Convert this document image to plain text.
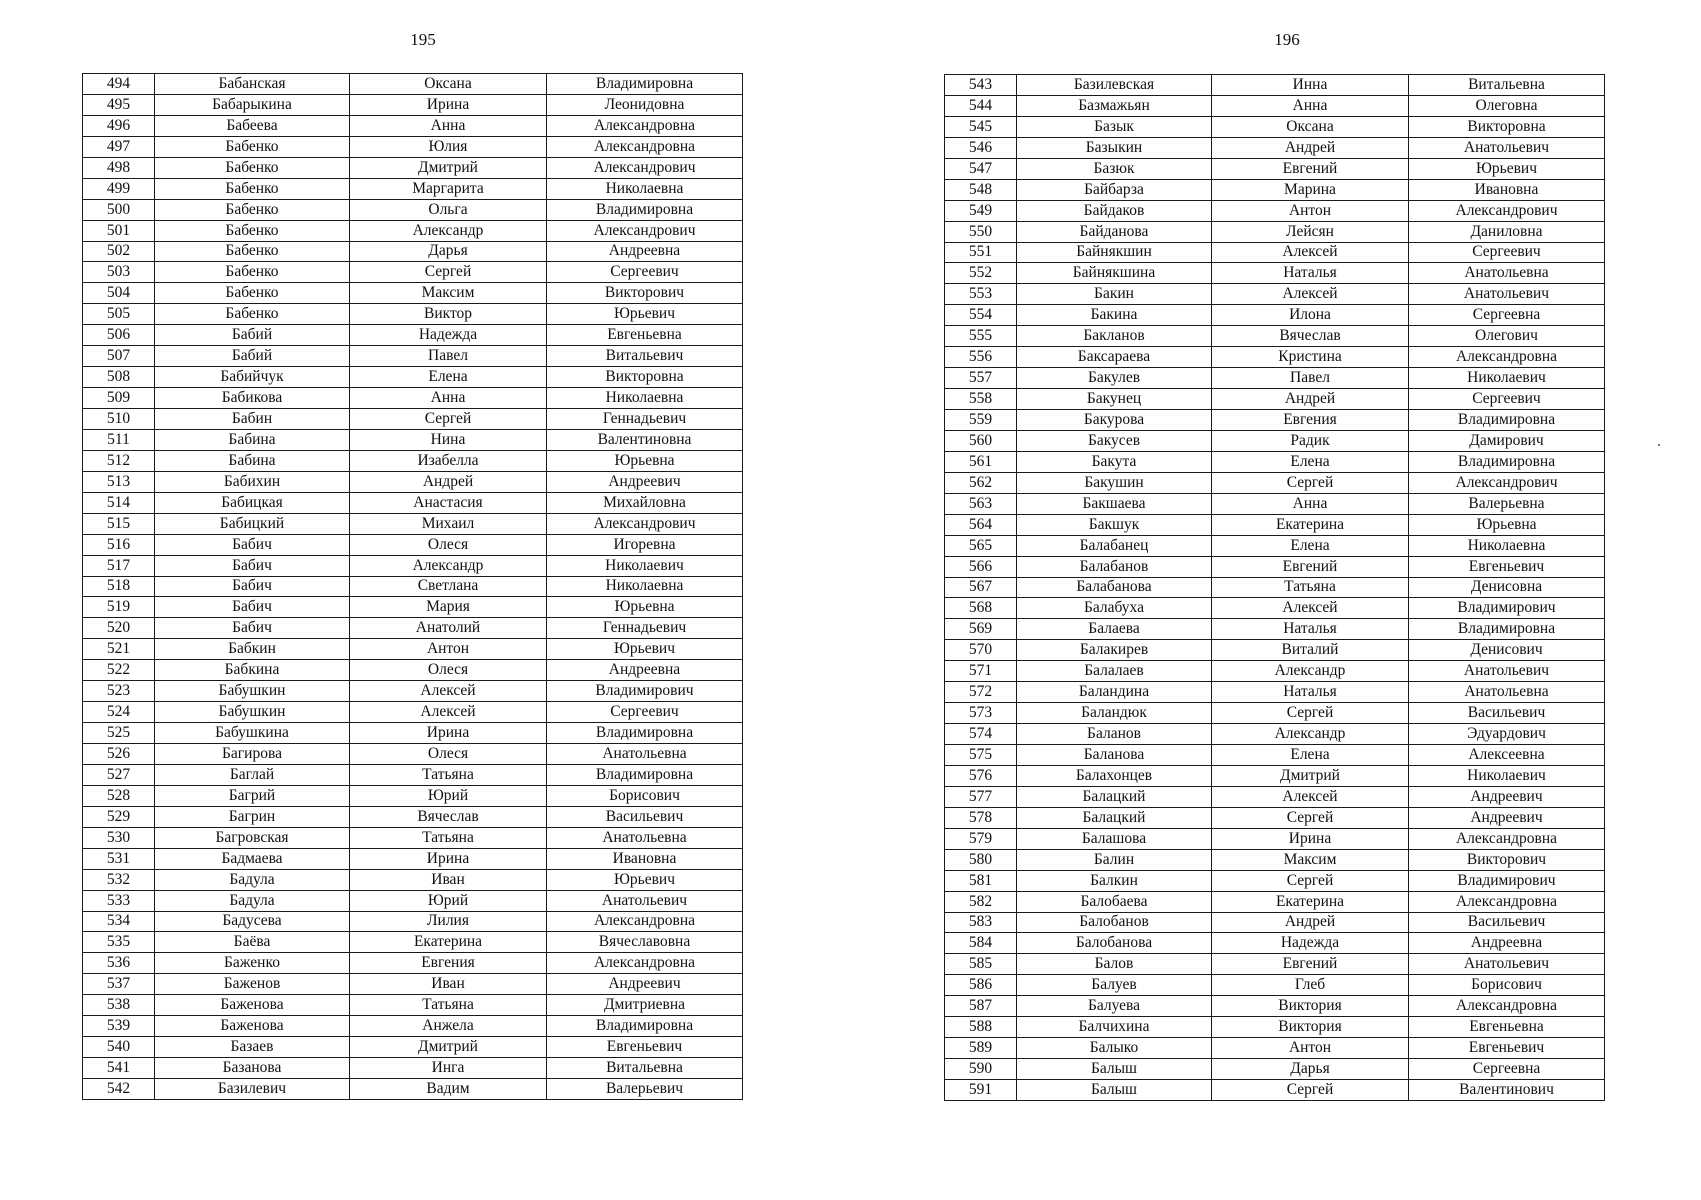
195	196
494	Бабанская	Оксана	Владимировна
495	Бабарыкина	Ирина	Леонидовна
496	Бабеева	Анна	Александровна
497	Бабенко	Юлия	Александровна
498	Бабенко	Дмитрий	Александрович
499	Бабенко	Маргарита	Николаевна
500	Бабенко	Ольга	Владимировна
501	Бабенко	Александр	Александрович
502	Бабенко	Дарья	Андреевна
503	Бабенко	Сергей	Сергеевич
504	Бабенко	Максим	Викторович
505	Бабенко	Виктор	Юрьевич
506	Бабий	Надежда	Евгеньевна
507	Бабий	Павел	Витальевич
508	Бабийчук	Елена	Викторовна
509	Бабикова	Анна	Николаевна
510	Бабин	Сергей	Геннадьевич
511	Бабина	Нина	Валентиновна
512	Бабина	Изабелла	Юрьевна
513	Бабихин	Андрей	Андреевич
514	Бабицкая	Анастасия	Михайловна
515	Бабицкий	Михаил	Александрович
516	Бабич	Олеся	Игоревна
517	Бабич	Александр	Николаевич
518	Бабич	Светлана	Николаевна
519	Бабич	Мария	Юрьевна
520	Бабич	Анатолий	Геннадьевич
521	Бабкин	Антон	Юрьевич
522	Бабкина	Олеся	Андреевна
523	Бабушкин	Алексей	Владимирович
524	Бабушкин	Алексей	Сергеевич
525	Бабушкина	Ирина	Владимировна
526	Багирова	Олеся	Анатольевна
527	Баглай	Татьяна	Владимировна
528	Багрий	Юрий	Борисович
529	Багрин	Вячеслав	Васильевич
530	Багровская	Татьяна	Анатольевна
531	Бадмаева	Ирина	Ивановна
532	Бадула	Иван	Юрьевич
533	Бадула	Юрий	Анатольевич
534	Бадусева	Лилия	Александровна
535	Баёва	Екатерина	Вячеславовна
536	Баженко	Евгения	Александровна
537	Баженов	Иван	Андреевич
538	Баженова	Татьяна	Дмитриевна
539	Баженова	Анжела	Владимировна
540	Базаев	Дмитрий	Евгеньевич
541	Базанова	Инга	Витальевна
542	Базилевич	Вадим	Валерьевич
543	Базилевская	Инна	Витальевна
544	Базмажьян	Анна	Олеговна
545	Базык	Оксана	Викторовна
546	Базыкин	Андрей	Анатольевич
547	Базюк	Евгений	Юрьевич
548	Байбарза	Марина	Ивановна
549	Байдаков	Антон	Александрович
550	Байданова	Лейсян	Даниловна
551	Байнякшин	Алексей	Сергеевич
552	Байнякшина	Наталья	Анатольевна
553	Бакин	Алексей	Анатольевич
554	Бакина	Илона	Сергеевна
555	Бакланов	Вячеслав	Олегович
556	Баксараева	Кристина	Александровна
557	Бакулев	Павел	Николаевич
558	Бакунец	Андрей	Сергеевич
559	Бакурова	Евгения	Владимировна
560	Бакусев	Радик	Дамирович
561	Бакута	Елена	Владимировна
562	Бакушин	Сергей	Александрович
563	Бакшаева	Анна	Валерьевна
564	Бакшук	Екатерина	Юрьевна
565	Балабанец	Елена	Николаевна
566	Балабанов	Евгений	Евгеньевич
567	Балабанова	Татьяна	Денисовна
568	Балабуха	Алексей	Владимирович
569	Балаева	Наталья	Владимировна
570	Балакирев	Виталий	Денисович
571	Балалаев	Александр	Анатольевич
572	Баландина	Наталья	Анатольевна
573	Баландюк	Сергей	Васильевич
574	Баланов	Александр	Эдуардович
575	Баланова	Елена	Алексеевна
576	Балахонцев	Дмитрий	Николаевич
577	Балацкий	Алексей	Андреевич
578	Балацкий	Сергей	Андреевич
579	Балашова	Ирина	Александровна
580	Балин	Максим	Викторович
581	Балкин	Сергей	Владимирович
582	Балобаева	Екатерина	Александровна
583	Балобанов	Андрей	Васильевич
584	Балобанова	Надежда	Андреевна
585	Балов	Евгений	Анатольевич
586	Балуев	Глеб	Борисович
587	Балуева	Виктория	Александровна
588	Балчихина	Виктория	Евгеньевна
589	Балыко	Антон	Евгеньевич
590	Балыш	Дарья	Сергеевна
591	Балыш	Сергей	Валентинович
